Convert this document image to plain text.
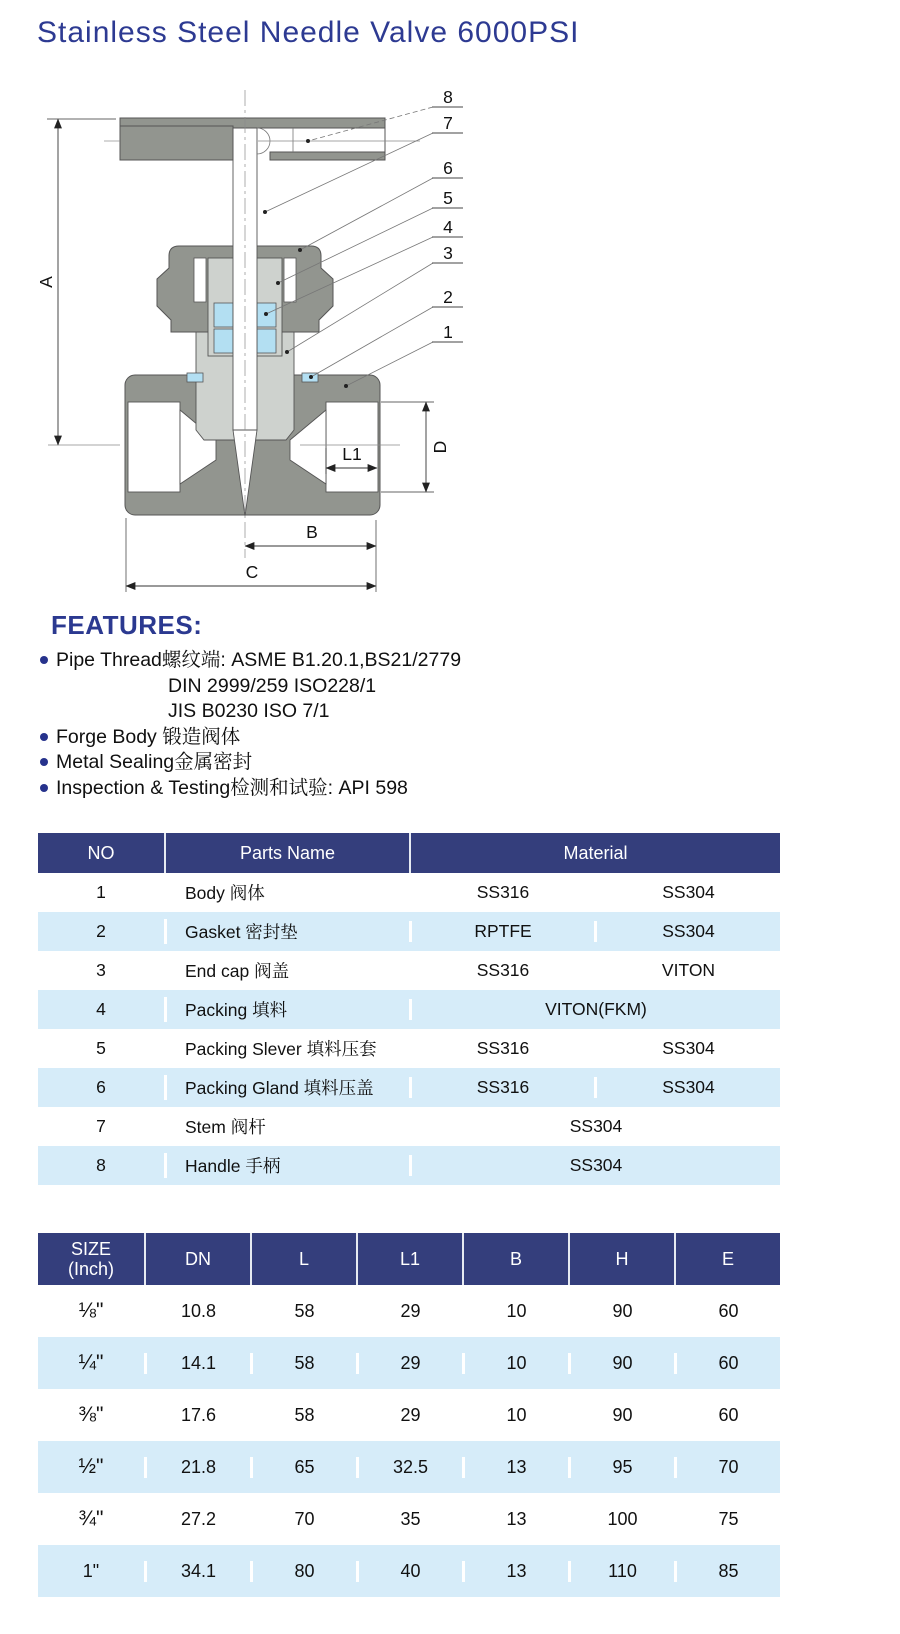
Stainless Steel Needle Valve 6000PSI
8
7
6
5
4
3
2
1
A
D
L1
B
C
FEATURES:
Pipe Thread螺纹端: ASME B1.20.1,BS21/2779
DIN 2999/259 ISO228/1
JIS B0230 ISO 7/1
Forge Body 锻造阀体
Metal Sealing金属密封
Inspection & Testing检测和试验: API 598
NO	Parts Name	Material
1	Body 阀体	SS316	SS304
2	Gasket 密封垫	RPTFE	SS304
3	End cap 阀盖	SS316	VITON
4	Packing 填料	VITON(FKM)
5	Packing Slever 填料压套	SS316	SS304
6	Packing Gland 填料压盖	SS316	SS304
7	Stem 阀杆	SS304
8	Handle 手柄	SS304
SIZE
(Inch)	DN	L	L1	B	H	E
⅛"	10.8	58	29	10	90	60
¼"	14.1	58	29	10	90	60
⅜"	17.6	58	29	10	90	60
½"	21.8	65	32.5	13	95	70
¾"	27.2	70	35	13	100	75
1"	34.1	80	40	13	110	85
